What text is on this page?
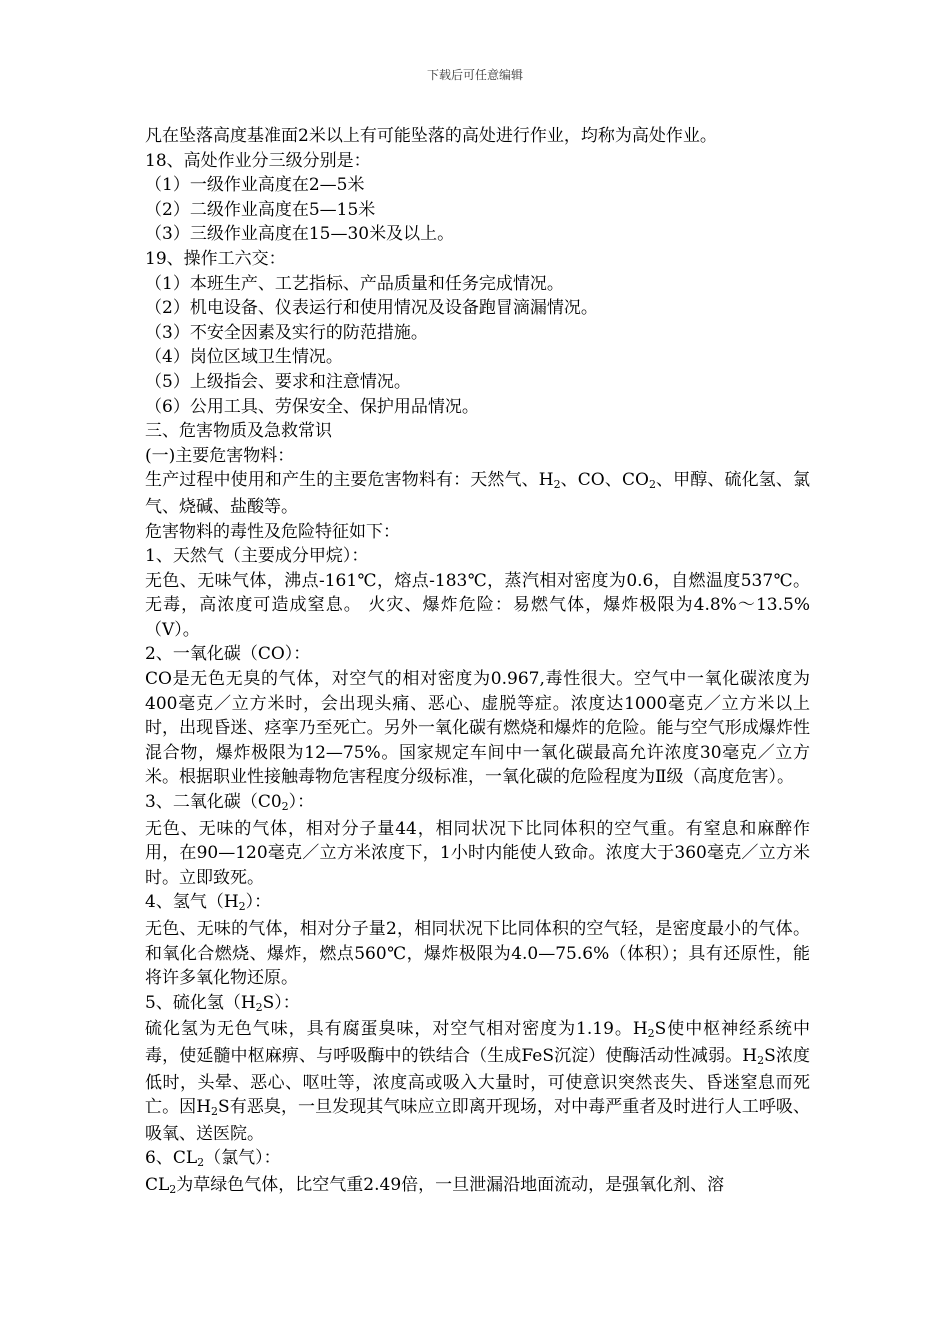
下载后可任意编辑

凡在坠落高度基准面2米以上有可能坠落的高处进行作业，均称为高处作业。

18、高处作业分三级分别是：

（1）一级作业高度在2—5米

（2）二级作业高度在5—15米

（3）三级作业高度在15—30米及以上。

19、操作工六交：

（1）本班生产、工艺指标、产品质量和任务完成情况。

（2）机电设备、仪表运行和使用情况及设备跑冒滴漏情况。

（3）不安全因素及实行的防范措施。

（4）岗位区域卫生情况。

（5）上级指会、要求和注意情况。

（6）公用工具、劳保安全、保护用品情况。

三、危害物质及急救常识

(一)主要危害物料：

生产过程中使用和产生的主要危害物料有：天然气、$H_2$、CO、$CO_2$、甲醇、硫化氢、氯气、烧碱、盐酸等。

危害物料的毒性及危险特征如下：

1、天然气（主要成分甲烷）：

无色、无味气体，沸点-161℃，熔点-183℃，蒸汽相对密度为0.6，自燃温度537℃。无毒，高浓度可造成窒息。 火灾、爆炸危险：易燃气体，爆炸极限为4.8%～13.5%（V）。

2、一氧化碳（CO）：

CO是无色无臭的气体，对空气的相对密度为0.967,毒性很大。空气中一氧化碳浓度为400毫克／立方米时，会出现头痛、恶心、虚脱等症。浓度达1000毫克／立方米以上时，出现昏迷、痉挛乃至死亡。另外一氧化碳有燃烧和爆炸的危险。能与空气形成爆炸性混合物，爆炸极限为12—75%。国家规定车间中一氧化碳最高允许浓度30毫克／立方米。根据职业性接触毒物危害程度分级标准，一氧化碳的危险程度为Ⅱ级（高度危害）。

3、二氧化碳$(C0_2)$：

无色、无味的气体，相对分子量44，相同状况下比同体积的空气重。有窒息和麻醉作用，在90—120毫克／立方米浓度下，1小时内能使人致命。浓度大于360毫克／立方米时。立即致死。

4、氢气$(H_2)$：

无色、无味的气体，相对分子量2，相同状况下比同体积的空气轻，是密度最小的气体。和氧化合燃烧、爆炸，燃点560℃，爆炸极限为4.0—75.6%（体积）；具有还原性，能将许多氧化物还原。

5、硫化氢$(H_2S)$：

硫化氢为无色气味，具有腐蛋臭味，对空气相对密度为1.19。$H_2S$使中枢神经系统中毒，使延髓中枢麻痹、与呼吸酶中的铁结合（生成FeS沉淀）使酶活动性减弱。$H_2S$浓度低时，头晕、恶心、呕吐等，浓度高或吸入大量时，可使意识突然丧失、昏迷窒息而死亡。因$H_2S$有恶臭，一旦发现其气味应立即离开现场，对中毒严重者及时进行人工呼吸、吸氧、送医院。

6、$CL_2$（氯气）：

$CL_2$为草绿色气体，比空气重2.49倍，一旦泄漏沿地面流动，是强氧化剂、溶
